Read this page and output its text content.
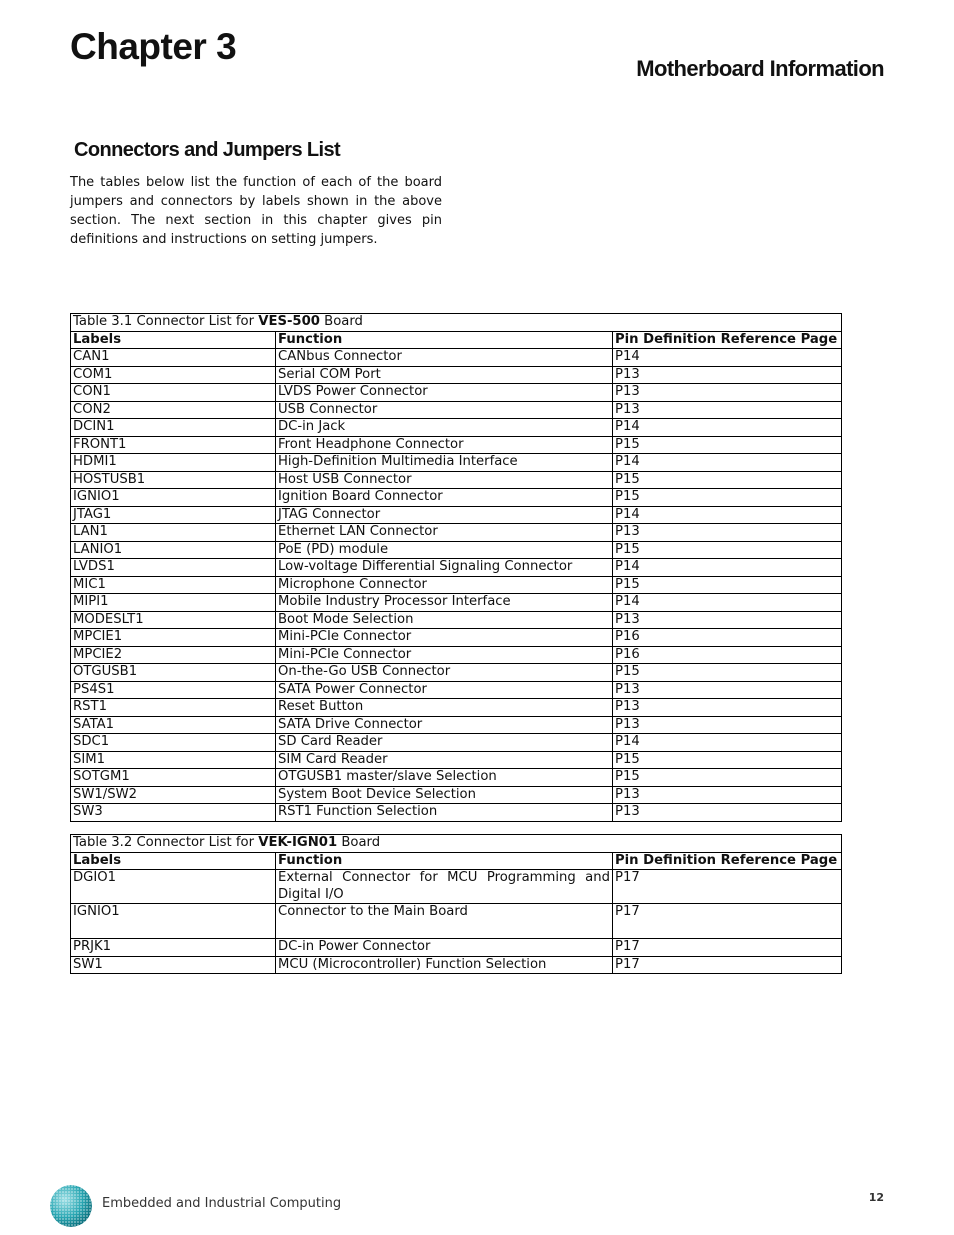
Chapter 3
Motherboard Information
Connectors and Jumpers List

The tables below list the function of each of the board jumpers and connectors by labels shown in the above section. The next section in this chapter gives pin definitions and instructions on setting jumpers.

Table 3.1 Connector List for VES-500 Board		
Labels	Function	Pin Definition Reference Page
CAN1	CANbus Connector	P14
COM1	Serial COM Port	P13
CON1	LVDS Power Connector	P13
CON2	USB Connector	P13
DCIN1	DC-in Jack	P14
FRONT1	Front Headphone Connector	P15
HDMI1	High-Definition Multimedia Interface	P14
HOSTUSB1	Host USB Connector	P15
IGNIO1	Ignition Board Connector	P15
JTAG1	JTAG Connector	P14
LAN1	Ethernet LAN Connector	P13
LANIO1	PoE (PD) module	P15
LVDS1	Low-voltage Differential Signaling Connector	P14
MIC1	Microphone Connector	P15
MIPI1	Mobile Industry Processor Interface	P14
MODESLT1	Boot Mode Selection	P13
MPCIE1	Mini-PCIe Connector	P16
MPCIE2	Mini-PCIe Connector	P16
OTGUSB1	On-the-Go USB Connector	P15
PS4S1	SATA Power Connector	P13
RST1	Reset Button	P13
SATA1	SATA Drive Connector	P13
SDC1	SD Card Reader	P14
SIM1	SIM Card Reader	P15
SOTGM1	OTGUSB1 master/slave Selection	P15
SW1/SW2	System Boot Device Selection	P13
SW3	RST1 Function Selection	P13
Table 3.2 Connector List for VEK-IGN01 Board		
Labels	Function	Pin Definition Reference Page
DGIO1	External Connector for MCU Programming and Digital I/O	P17
IGNIO1	Connector to the Main Board	P17
PRJK1	DC-in Power Connector	P17
SW1	MCU (Microcontroller) Function Selection	P17
Embedded and Industrial Computing	12
